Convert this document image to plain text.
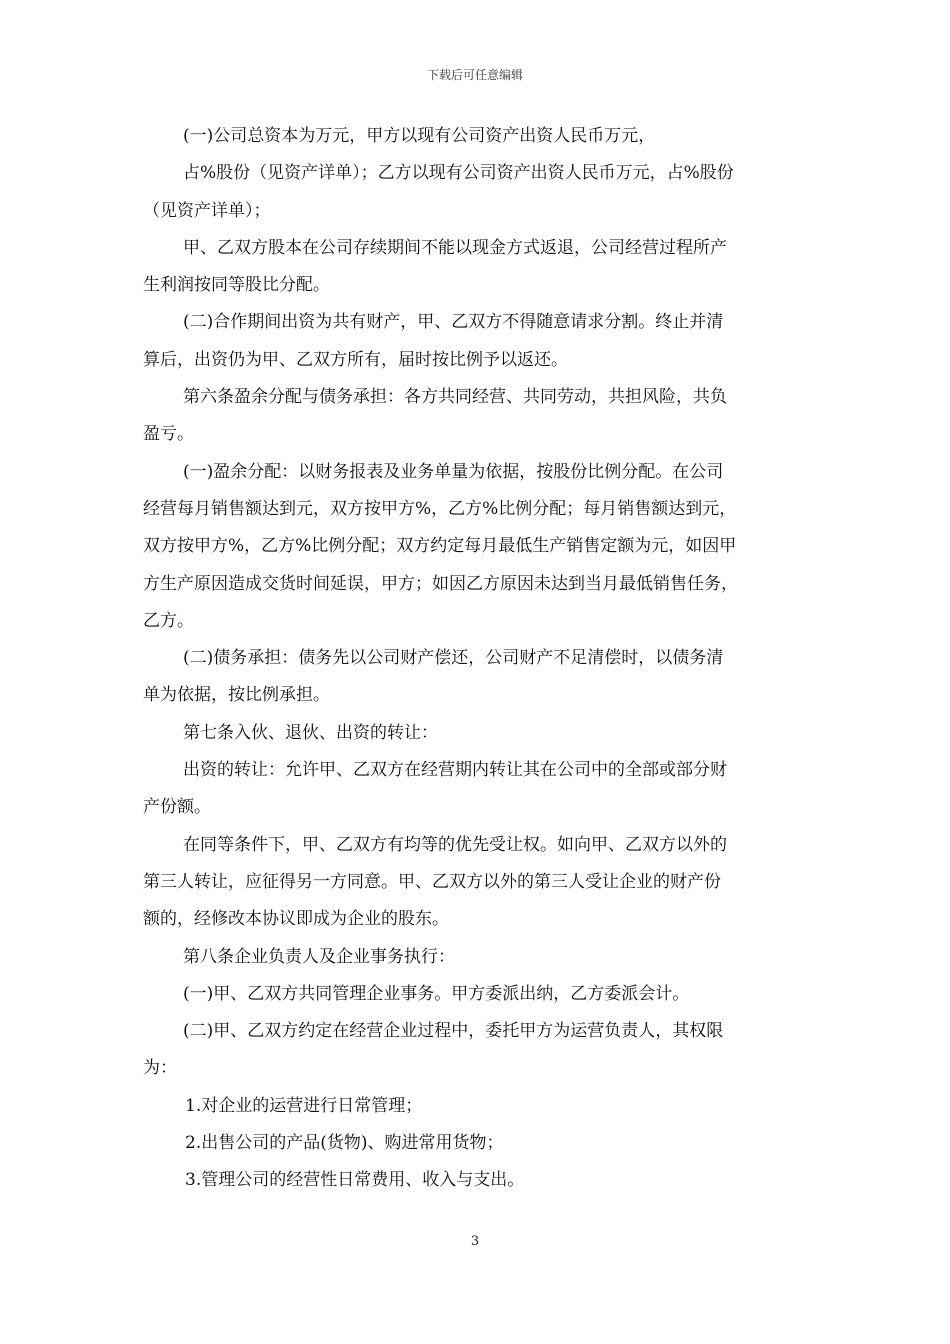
下载后可任意编辑
(一)公司总资本为万元，甲方以现有公司资产出资人民币万元，
占%股份（见资产详单）；乙方以现有公司资产出资人民币万元，占%股份
（见资产详单）；
甲、乙双方股本在公司存续期间不能以现金方式返退，公司经营过程所产
生利润按同等股比分配。
(二)合作期间出资为共有财产，甲、乙双方不得随意请求分割。终止并清
算后，出资仍为甲、乙双方所有，届时按比例予以返还。
第六条盈余分配与债务承担：各方共同经营、共同劳动，共担风险，共负
盈亏。
(一)盈余分配：以财务报表及业务单量为依据，按股份比例分配。在公司
经营每月销售额达到元，双方按甲方%，乙方%比例分配；每月销售额达到元，
双方按甲方%，乙方%比例分配；双方约定每月最低生产销售定额为元，如因甲
方生产原因造成交货时间延误，甲方；如因乙方原因未达到当月最低销售任务，
乙方。
(二)债务承担：债务先以公司财产偿还，公司财产不足清偿时，以债务清
单为依据，按比例承担。
第七条入伙、退伙、出资的转让：
出资的转让：允许甲、乙双方在经营期内转让其在公司中的全部或部分财
产份额。
在同等条件下，甲、乙双方有均等的优先受让权。如向甲、乙双方以外的
第三人转让，应征得另一方同意。甲、乙双方以外的第三人受让企业的财产份
额的，经修改本协议即成为企业的股东。
第八条企业负责人及企业事务执行：
(一)甲、乙双方共同管理企业事务。甲方委派出纳，乙方委派会计。
(二)甲、乙双方约定在经营企业过程中，委托甲方为运营负责人，其权限
为：
1.对企业的运营进行日常管理；
2.出售公司的产品(货物)、购进常用货物；
3.管理公司的经营性日常费用、收入与支出。
3
